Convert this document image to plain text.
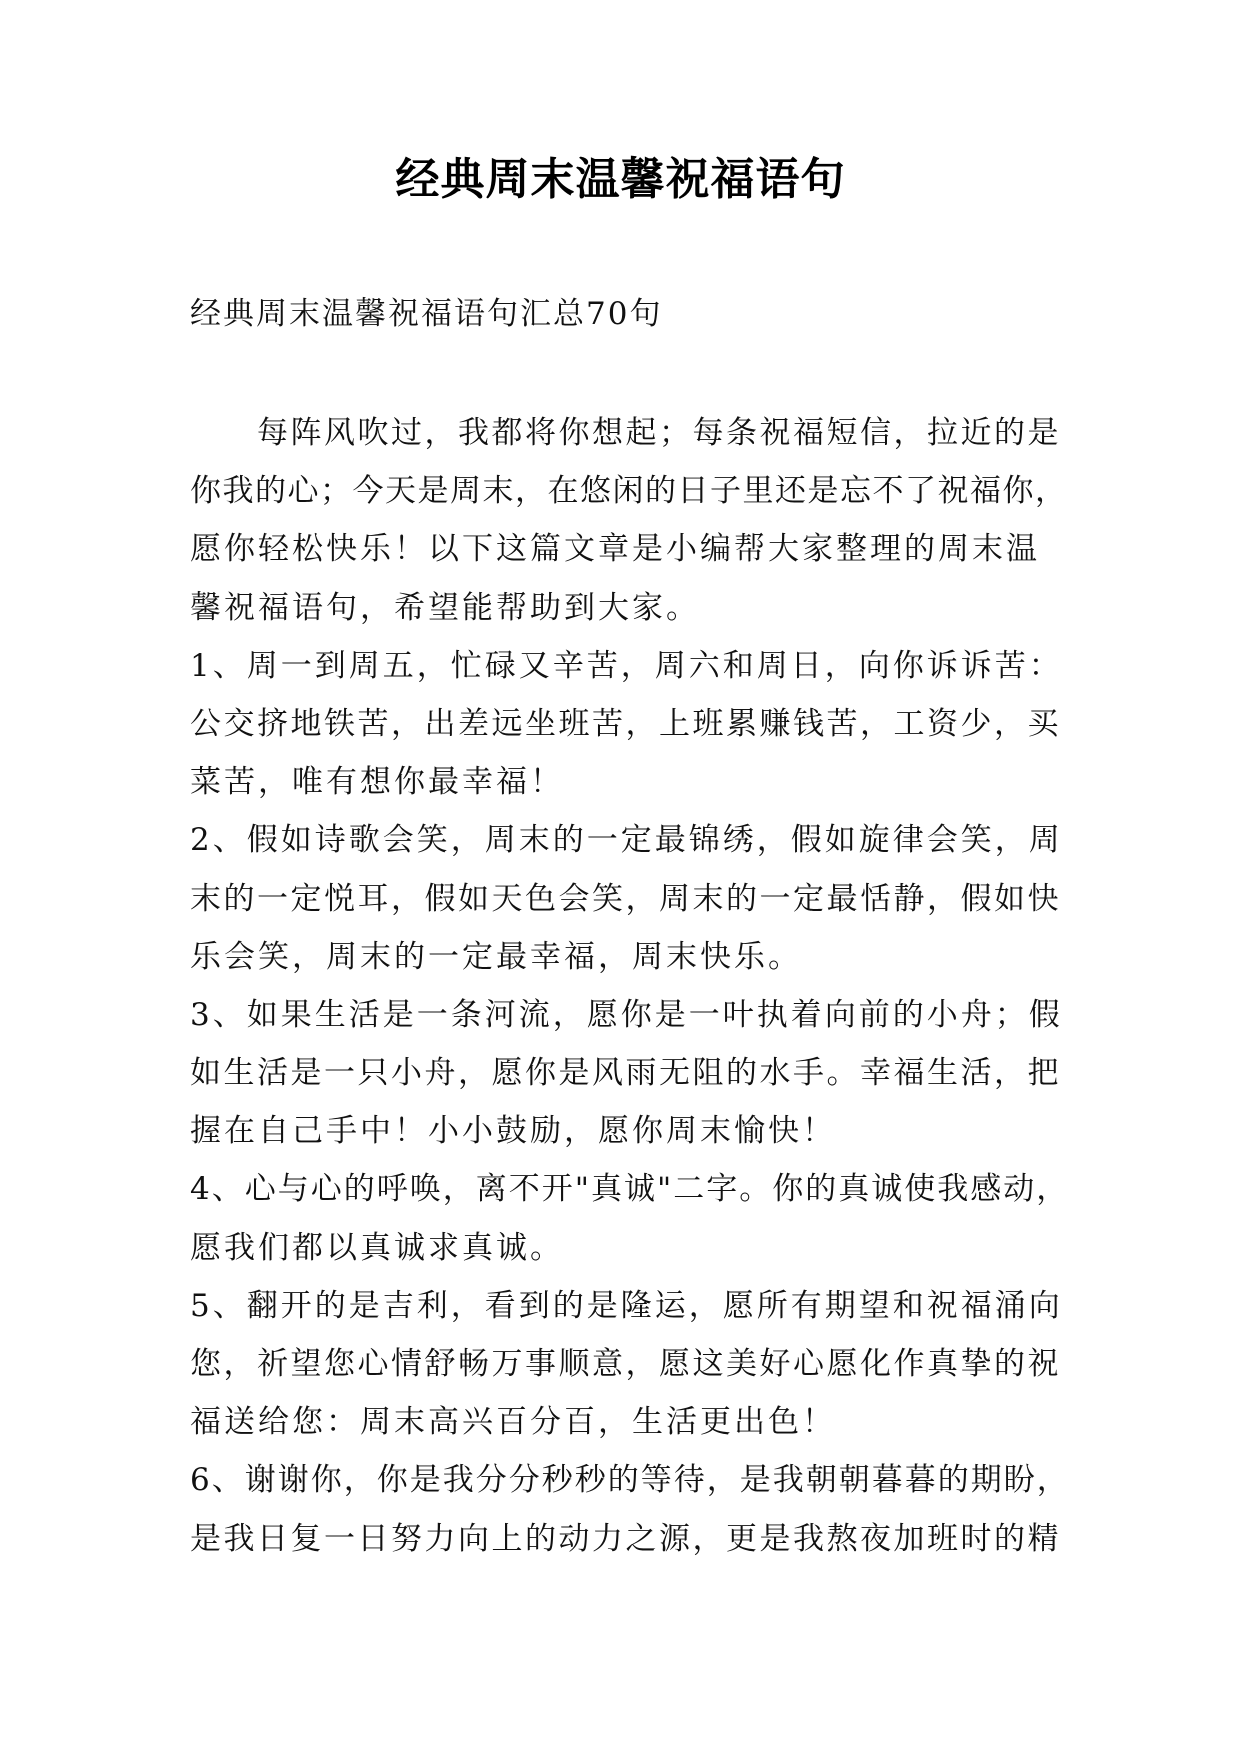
经典周末温馨祝福语句
经典周末温馨祝福语句汇总70句
　　每阵风吹过，我都将你想起；每条祝福短信，拉近的是
你我的心；今天是周末，在悠闲的日子里还是忘不了祝福你，
愿你轻松快乐！以下这篇文章是小编帮大家整理的周末温
馨祝福语句，希望能帮助到大家。
1、周一到周五，忙碌又辛苦，周六和周日，向你诉诉苦：
公交挤地铁苦，出差远坐班苦，上班累赚钱苦，工资少，买
菜苦，唯有想你最幸福！
2、假如诗歌会笑，周末的一定最锦绣，假如旋律会笑，周
末的一定悦耳，假如天色会笑，周末的一定最恬静，假如快
乐会笑，周末的一定最幸福，周末快乐。
3、如果生活是一条河流，愿你是一叶执着向前的小舟；假
如生活是一只小舟，愿你是风雨无阻的水手。幸福生活，把
握在自己手中！小小鼓励，愿你周末愉快！
4、心与心的呼唤，离不开"真诚"二字。你的真诚使我感动，
愿我们都以真诚求真诚。
5、翻开的是吉利，看到的是隆运，愿所有期望和祝福涌向
您，祈望您心情舒畅万事顺意，愿这美好心愿化作真挚的祝
福送给您：周末高兴百分百，生活更出色！
6、谢谢你，你是我分分秒秒的等待，是我朝朝暮暮的期盼，
是我日复一日努力向上的动力之源，更是我熬夜加班时的精
